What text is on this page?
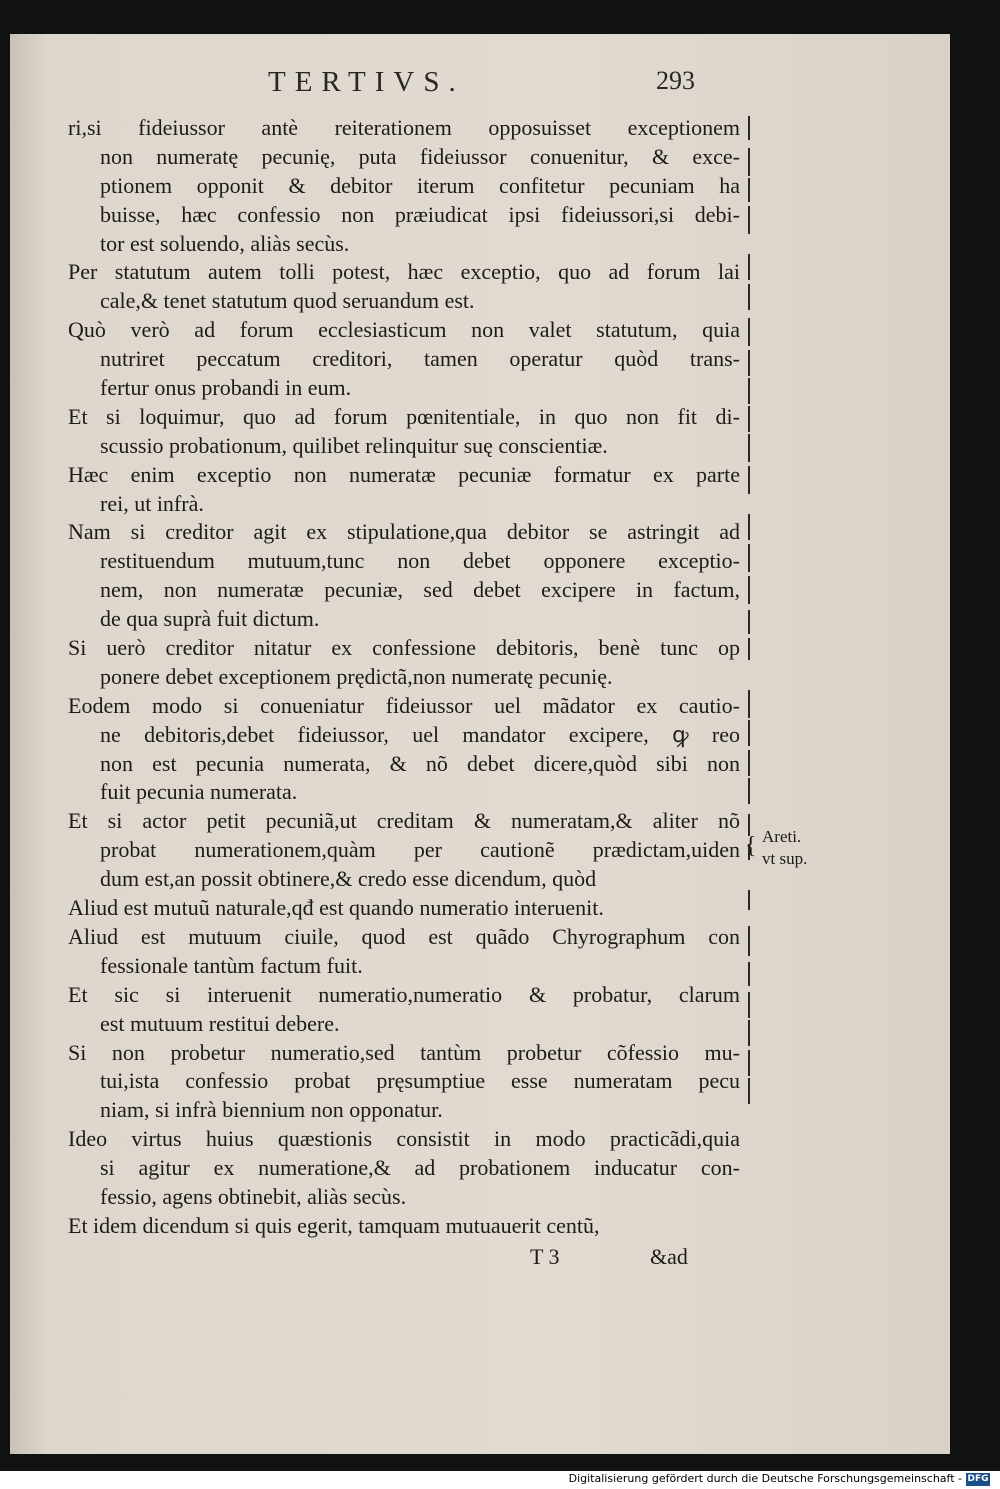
TERTIVS.	293
ri,si fideiussor antè reiterationem opposuisset exceptionem
non numeratę pecunię, puta fideiussor conuenitur, & exce-
ptionem opponit & debitor iterum confitetur pecuniam ha
buisse, hæc confessio non præiudicat ipsi fideiussori,si debi-
tor est soluendo, aliàs secùs.
Per statutum autem tolli potest, hæc exceptio, quo ad forum lai
cale,& tenet statutum quod seruandum est.
Quò verò ad forum ecclesiasticum non valet statutum, quia
nutriret peccatum creditori, tamen operatur quòd trans-
fertur onus probandi in eum.
Et si loquimur, quo ad forum pœnitentiale, in quo non fit di-
scussio probationum, quilibet relinquitur suę conscientiæ.
Hæc enim exceptio non numeratæ pecuniæ formatur ex parte
rei, ut infrà.
Nam si creditor agit ex stipulatione,qua debitor se astringit ad
restituendum mutuum,tunc non debet opponere exceptio-
nem, non numeratæ pecuniæ, sed debet excipere in factum,
de qua suprà fuit dictum.
Si uerò creditor nitatur ex confessione debitoris, benè tunc op
ponere debet exceptionem prędictã,non numeratę pecunię.
Eodem modo si conueniatur fideiussor uel mãdator ex cautio-
ne debitoris,debet fideiussor, uel mandator excipere, ꝙ reo
non est pecunia numerata, & nõ debet dicere,quòd sibi non
fuit pecunia numerata.
Et si actor petit pecuniã,ut creditam & numeratam,& aliter nõ
probat numerationem,quàm per cautionẽ prædictam,uiden
dum est,an possit obtinere,& credo esse dicendum, quòd
Aliud est mutuũ naturale,qđ est quando numeratio interuenit.
Aliud est mutuum ciuile, quod est quãdo Chyrographum con
fessionale tantùm factum fuit.
Et sic si interuenit numeratio,numeratio & probatur, clarum
est mutuum restitui debere.
Si non probetur numeratio,sed tantùm probetur cõfessio mu-
tui,ista confessio probat pręsumptiue esse numeratam pecu
niam, si infrà biennium non opponatur.
Ideo virtus huius quæstionis consistit in modo practicãdi,quia
si agitur ex numeratione,& ad probationem inducatur con-
fessio, agens obtinebit, aliàs secùs.
Et idem dicendum si quis egerit, tamquam mutuauerit centũ,
{ Areti.
vt sup.
T 3	&ad
Digitalisierung gefördert durch die Deutsche Forschungsgemeinschaft - DFG
